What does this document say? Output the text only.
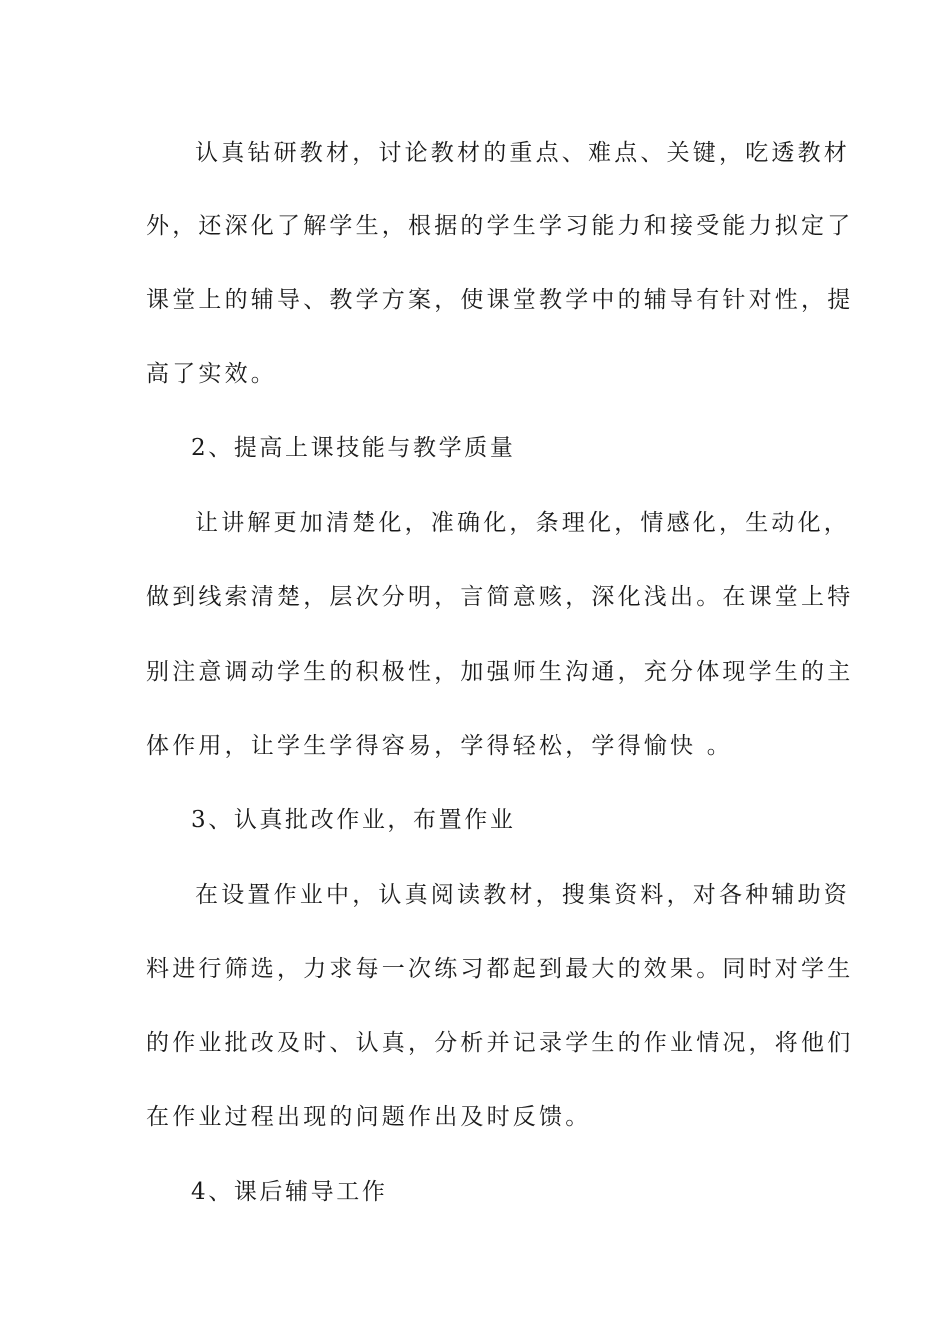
认真钻研教材，讨论教材的重点、难点、关键，吃透教材
外，还深化了解学生，根据的学生学习能力和接受能力拟定了
课堂上的辅导、教学方案，使课堂教学中的辅导有针对性，提
高了实效。
2、提高上课技能与教学质量
让讲解更加清楚化，准确化，条理化，情感化，生动化，
做到线索清楚，层次分明，言简意赅，深化浅出。在课堂上特
别注意调动学生的积极性，加强师生沟通，充分体现学生的主
体作用，让学生学得容易，学得轻松，学得愉快 。
3、认真批改作业，布置作业
在设置作业中，认真阅读教材，搜集资料，对各种辅助资
料进行筛选，力求每一次练习都起到最大的效果。同时对学生
的作业批改及时、认真，分析并记录学生的作业情况，将他们
在作业过程出现的问题作出及时反馈。
4、课后辅导工作
